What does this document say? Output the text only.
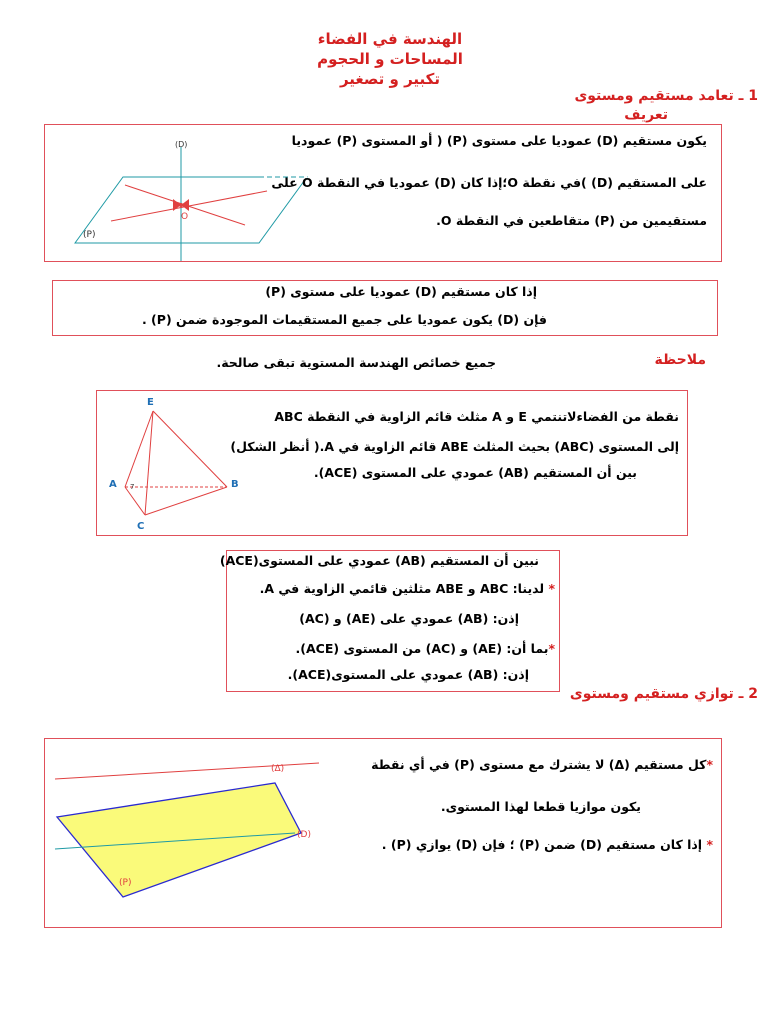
الهندسة في الفضاء
المساحات و الحجوم
تكبير و تصغير
1 ـ تعامد مستقيم ومستوى
تعريف
(D)
(P)
O
يكون مستقيم (D) عموديا على مستوى (P) ( أو المستوى (P) عموديا
على المستقيم (D) )في نقطة O؛إذا كان (D) عموديا في النقطة O على
مستقيمين من (P) متقاطعين في النقطة O.
إذا كان مستقيم (D) عموديا على مستوى (P)
فإن (D) يكون عموديا على جميع المستقيمات الموجودة ضمن (P) .
ملاحظة
جميع خصائص الهندسة المستوية تبقى صالحة.
7
E
A	B
C
ABC مثلث قائم الزاوية في النقطة A و E نقطة من الفضاءلاتنتمي
إلى المستوى (ABC) بحيث المثلث ABE قائم الزاوية في A.( أنظر الشكل)
بين أن المستقيم (AB) عمودي على المستوى (ACE).
نبين أن المستقيم (AB) عمودي على المستوى(ACE)
* لدينا: ABC و ABE مثلثين قائمي الزاوية في A.
إذن: (AB) عمودي على (AE) و (AC)
*بما أن: (AE) و (AC) من المستوى (ACE).
إذن: (AB) عمودي على المستوى(ACE).
2 ـ توازي مستقيم ومستوى
(Δ)
(D)
(P)
*كل مستقيم (Δ) لا يشترك مع مستوى (P) في أي نقطة
يكون موازيا قطعا لهذا المستوى.
* إذا كان مستقيم (D) ضمن (P) ؛ فإن (D) يوازي (P) .
